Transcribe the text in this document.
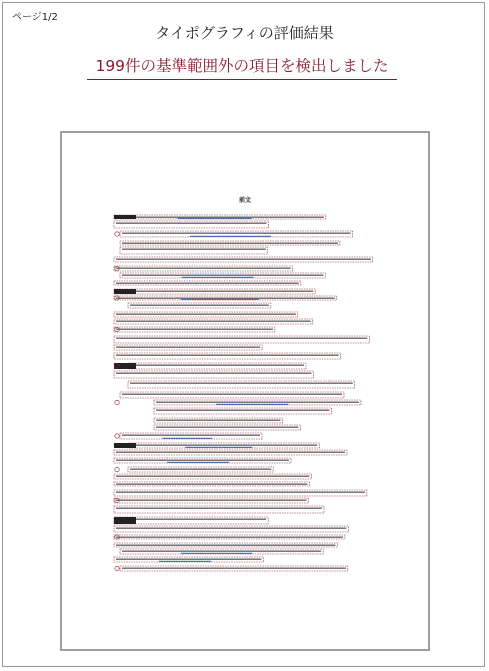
ページ1/2
タイポグラフィの評価結果
199件の基準範囲外の項目を検出しました
前文
